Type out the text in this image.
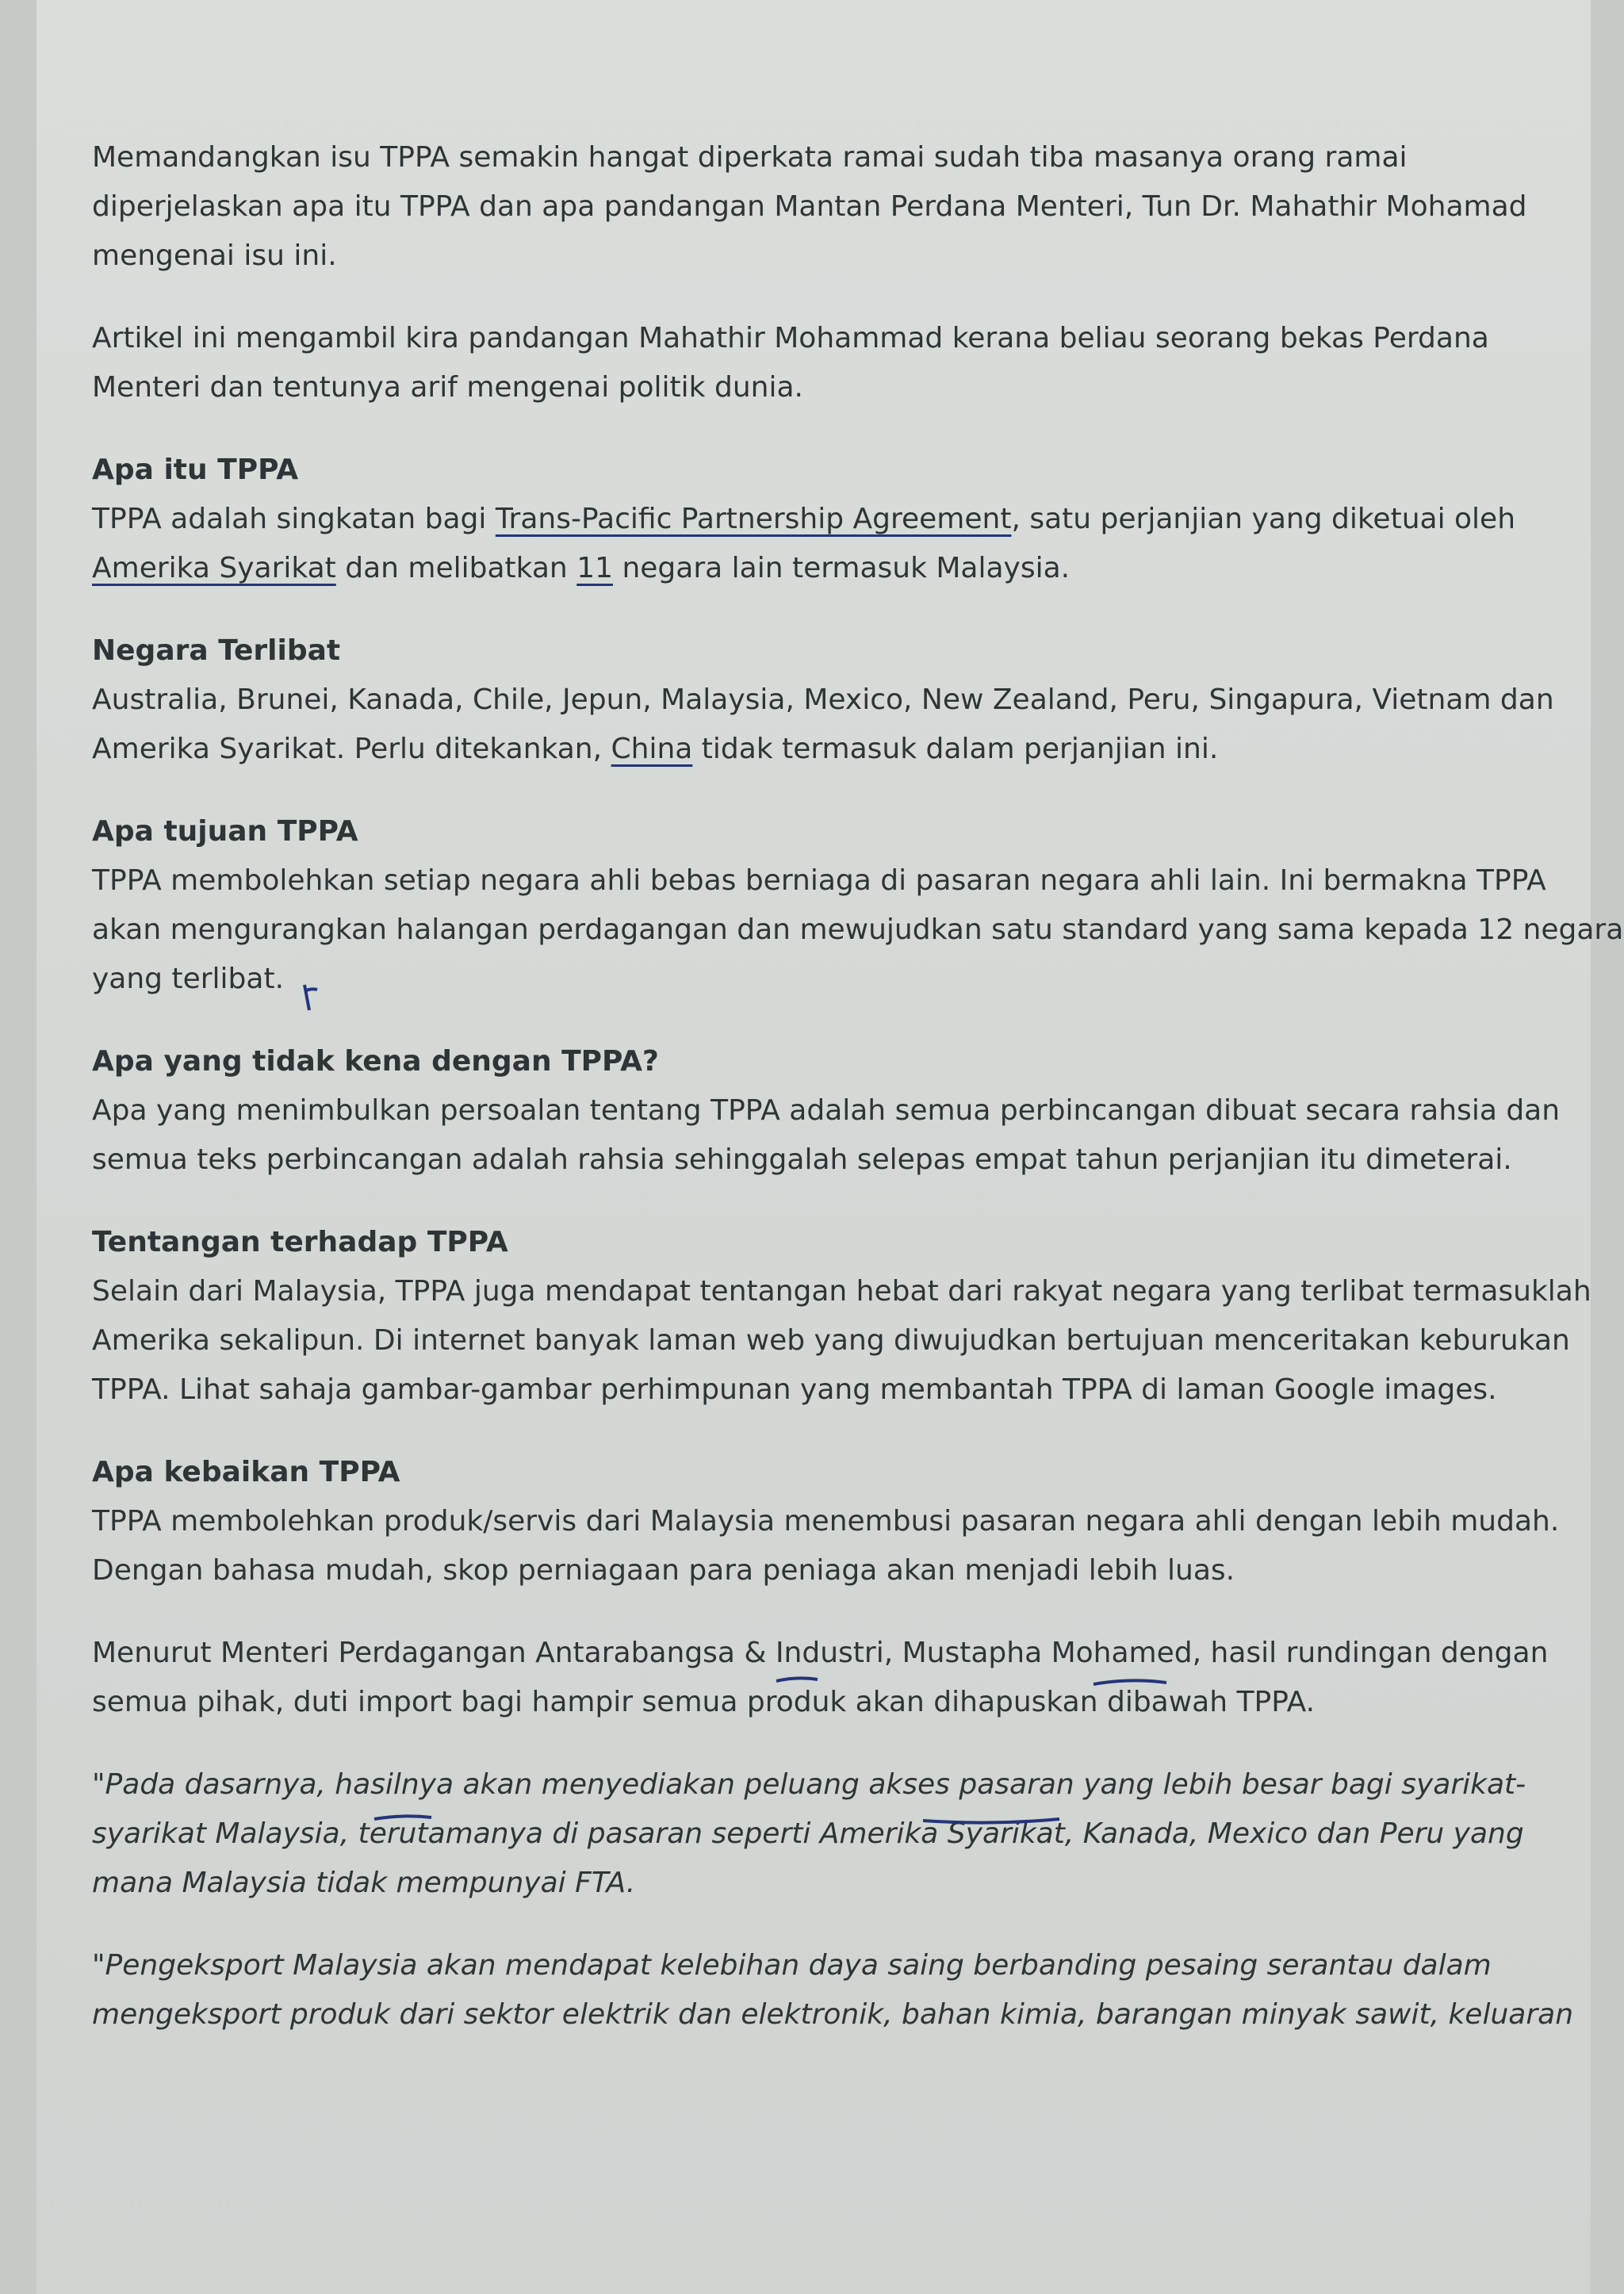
Memandangkan isu TPPA semakin hangat diperkata ramai sudah tiba masanya orang ramai
diperjelaskan apa itu TPPA dan apa pandangan Mantan Perdana Menteri, Tun Dr. Mahathir Mohamad
mengenai isu ini.
Artikel ini mengambil kira pandangan Mahathir Mohammad kerana beliau seorang bekas Perdana
Menteri dan tentunya arif mengenai politik dunia.
Apa itu TPPA
TPPA adalah singkatan bagi Trans-Pacific Partnership Agreement, satu perjanjian yang diketuai oleh
Amerika Syarikat dan melibatkan 11 negara lain termasuk Malaysia.
Negara Terlibat
Australia, Brunei, Kanada, Chile, Jepun, Malaysia, Mexico, New Zealand, Peru, Singapura, Vietnam dan
Amerika Syarikat. Perlu ditekankan, China tidak termasuk dalam perjanjian ini.
Apa tujuan TPPA
TPPA membolehkan setiap negara ahli bebas berniaga di pasaran negara ahli lain. Ini bermakna TPPA
akan mengurangkan halangan perdagangan dan mewujudkan satu standard yang sama kepada 12 negara
yang terlibat.
Apa yang tidak kena dengan TPPA?
Apa yang menimbulkan persoalan tentang TPPA adalah semua perbincangan dibuat secara rahsia dan
semua teks perbincangan adalah rahsia sehinggalah selepas empat tahun perjanjian itu dimeterai.
Tentangan terhadap TPPA
Selain dari Malaysia, TPPA juga mendapat tentangan hebat dari rakyat negara yang terlibat termasuklah
Amerika sekalipun. Di internet banyak laman web yang diwujudkan bertujuan menceritakan keburukan
TPPA. Lihat sahaja gambar-gambar perhimpunan yang membantah TPPA di laman Google images.
Apa kebaikan TPPA
TPPA membolehkan produk/servis dari Malaysia menembusi pasaran negara ahli dengan lebih mudah.
Dengan bahasa mudah, skop perniagaan para peniaga akan menjadi lebih luas.
Menurut Menteri Perdagangan Antarabangsa & Industri, Mustapha Mohamed, hasil rundingan dengan
semua pihak, duti import bagi hampir semua produk akan dihapuskan dibawah TPPA.
"Pada dasarnya, hasilnya akan menyediakan peluang akses pasaran yang lebih besar bagi syarikat-
syarikat Malaysia, terutamanya di pasaran seperti Amerika Syarikat, Kanada, Mexico dan Peru yang
mana Malaysia tidak mempunyai FTA.
"Pengeksport Malaysia akan mendapat kelebihan daya saing berbanding pesaing serantau dalam
mengeksport produk dari sektor elektrik dan elektronik, bahan kimia, barangan minyak sawit, keluaran
